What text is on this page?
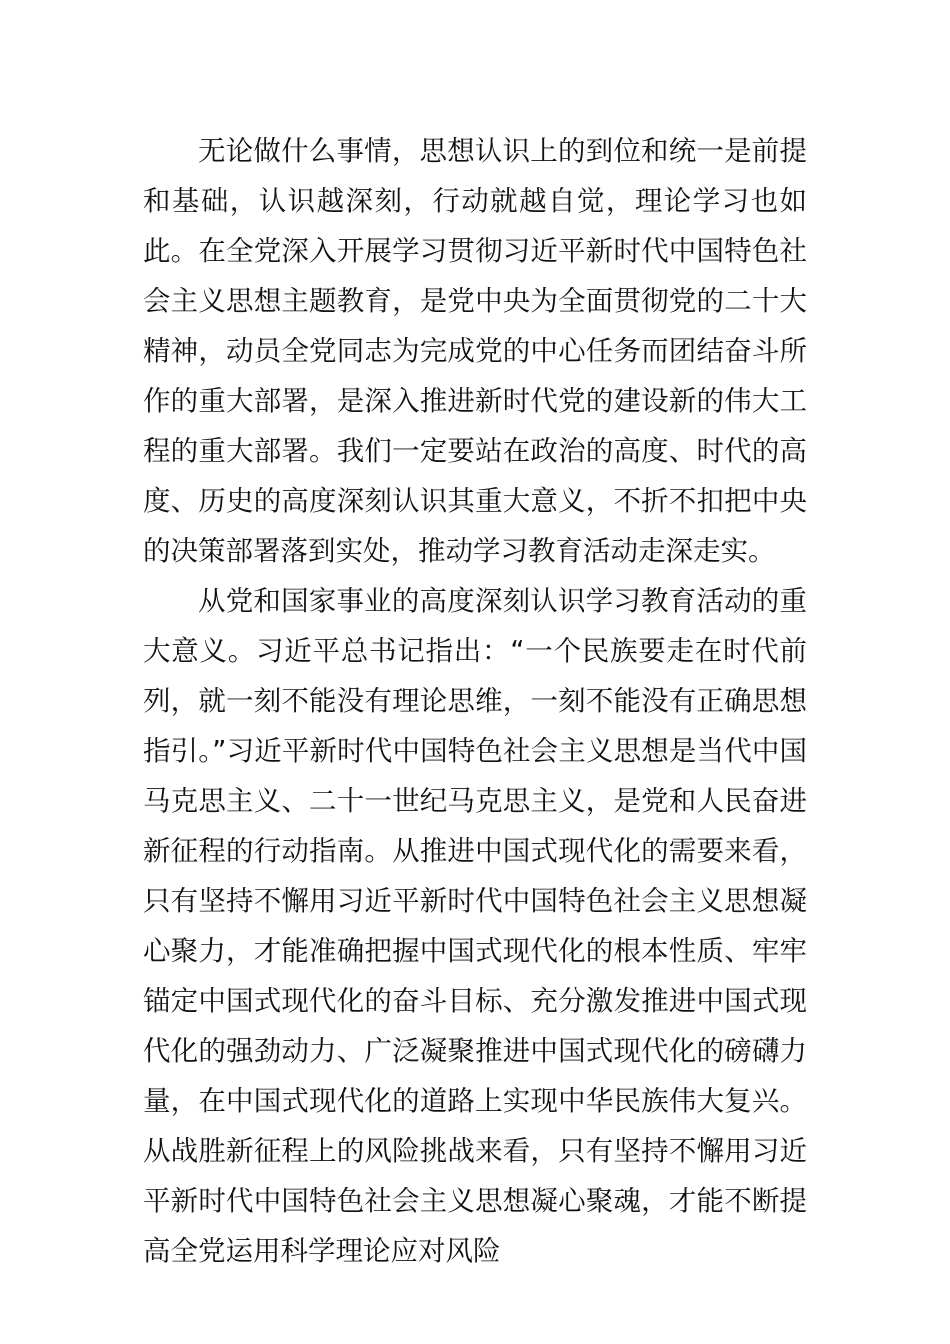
无论做什么事情，思想认识上的到位和统一是前提和基础，认识越深刻，行动就越自觉，理论学习也如此。在全党深入开展学习贯彻习近平新时代中国特色社会主义思想主题教育，是党中央为全面贯彻党的二十大精神，动员全党同志为完成党的中心任务而团结奋斗所作的重大部署，是深入推进新时代党的建设新的伟大工程的重大部署。我们一定要站在政治的高度、时代的高度、历史的高度深刻认识其重大意义，不折不扣把中央的决策部署落到实处，推动学习教育活动走深走实。

从党和国家事业的高度深刻认识学习教育活动的重大意义。习近平总书记指出：“一个民族要走在时代前列，就一刻不能没有理论思维，一刻不能没有正确思想指引。”习近平新时代中国特色社会主义思想是当代中国马克思主义、二十一世纪马克思主义，是党和人民奋进新征程的行动指南。从推进中国式现代化的需要来看，只有坚持不懈用习近平新时代中国特色社会主义思想凝心聚力，才能准确把握中国式现代化的根本性质、牢牢锚定中国式现代化的奋斗目标、充分激发推进中国式现代化的强劲动力、广泛凝聚推进中国式现代化的磅礴力量，在中国式现代化的道路上实现中华民族伟大复兴。从战胜新征程上的风险挑战来看，只有坚持不懈用习近平新时代中国特色社会主义思想凝心聚魂，才能不断提高全党运用科学理论应对风险
